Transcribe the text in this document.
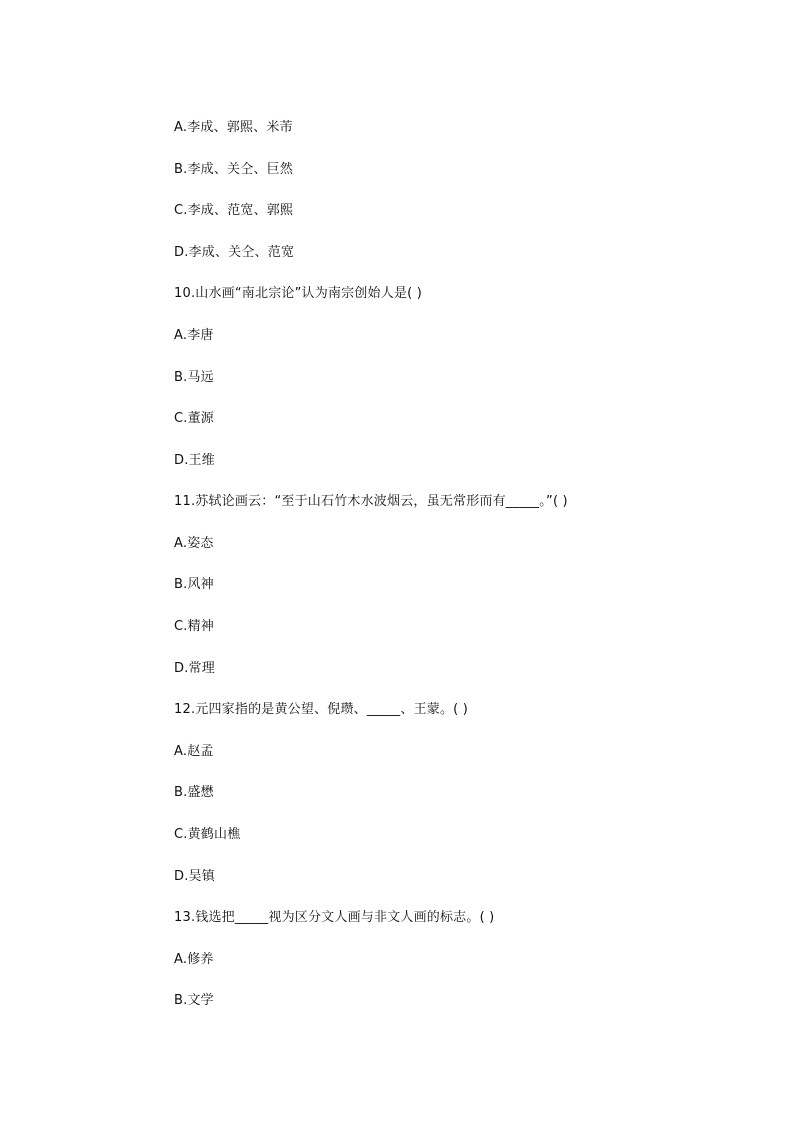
A.李成、郭熙、米芾
B.李成、关仝、巨然
C.李成、范宽、郭熙
D.李成、关仝、范宽
10.山水画“南北宗论”认为南宗创始人是( )
A.李唐
B.马远
C.董源
D.王维
11.苏轼论画云：“至于山石竹木水波烟云，虽无常形而有_____。”( )
A.姿态
B.风神
C.精神
D.常理
12.元四家指的是黄公望、倪瓒、_____、王蒙。( )
A.赵孟
B.盛懋
C.黄鹤山樵
D.吴镇
13.钱选把_____视为区分文人画与非文人画的标志。( )
A.修养
B.文学
